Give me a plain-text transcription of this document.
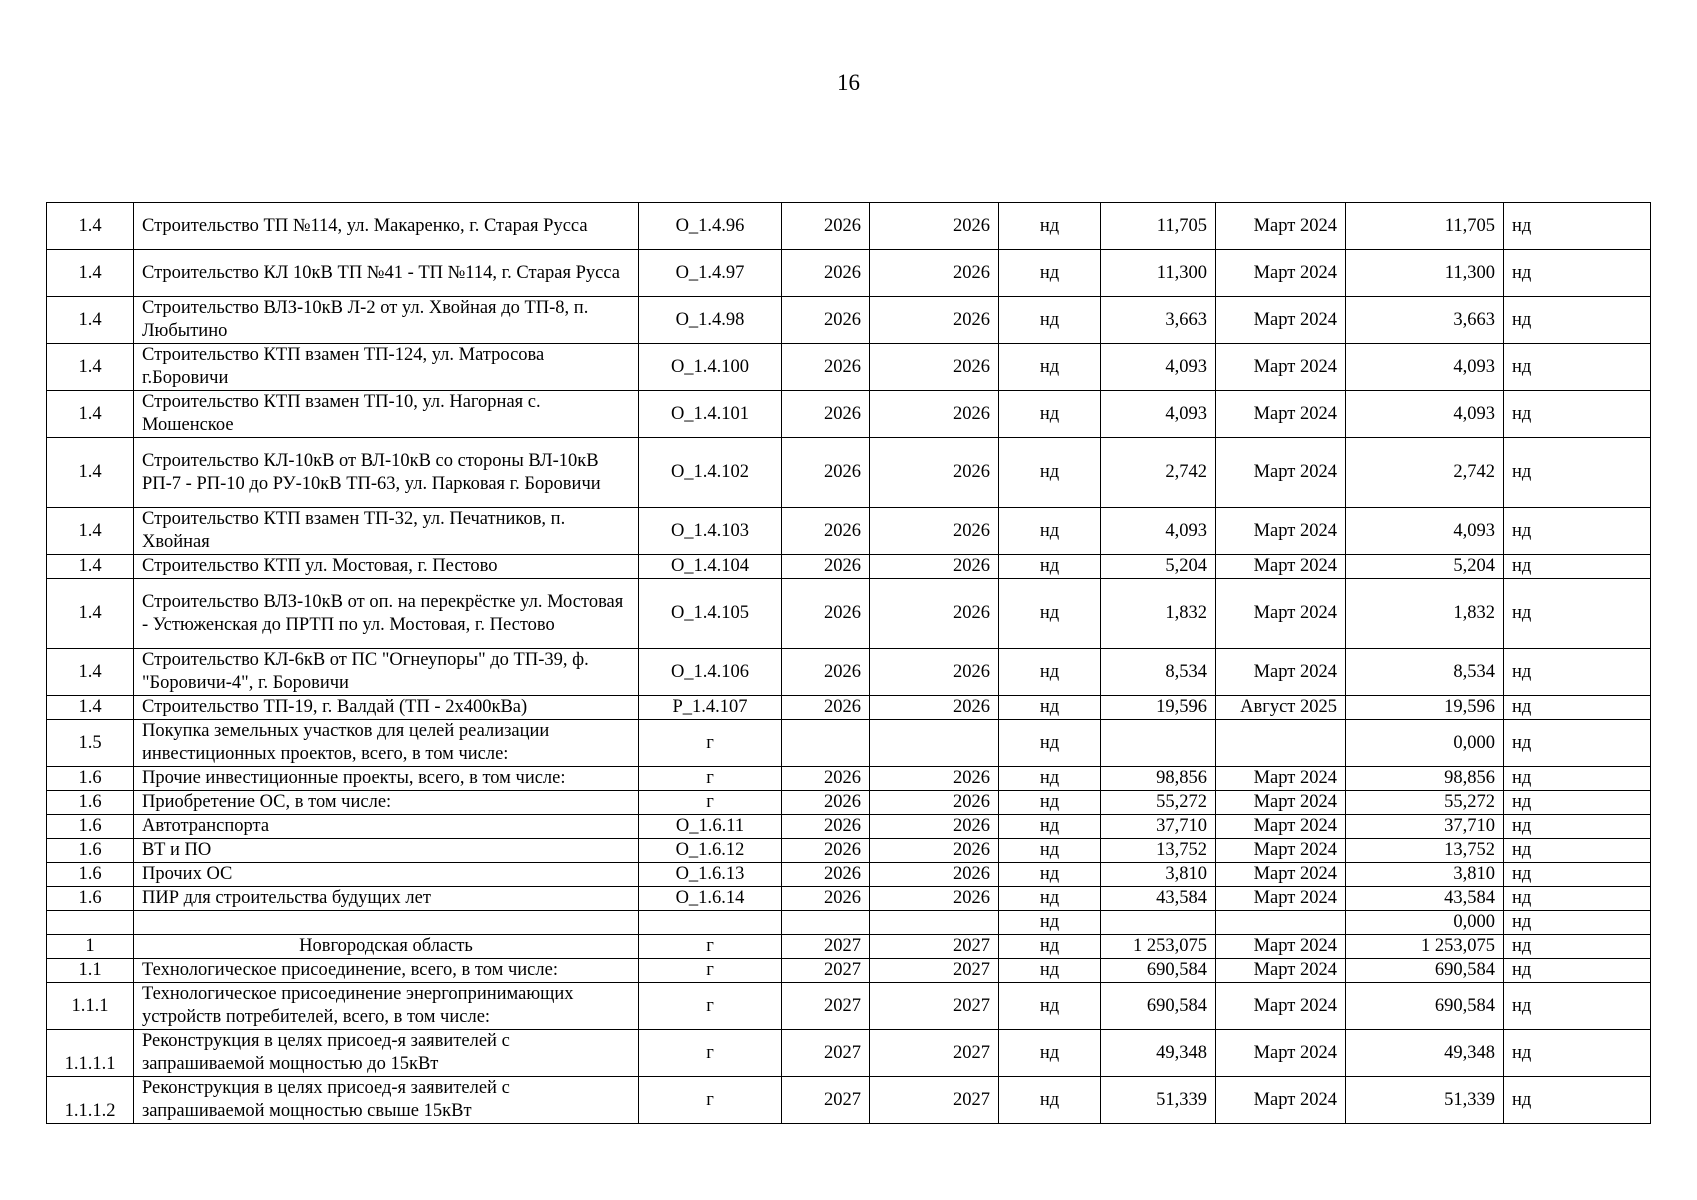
16
1.4	Строительство ТП №114, ул. Макаренко, г. Старая Русса	О_1.4.96	2026	2026	нд	11,705	Март 2024	11,705	нд
1.4	Строительство КЛ 10кВ ТП №41 - ТП №114, г. Старая Русса	О_1.4.97	2026	2026	нд	11,300	Март 2024	11,300	нд
1.4	Строительство ВЛЗ-10кВ Л-2 от ул. Хвойная до ТП-8, п. Любытино	О_1.4.98	2026	2026	нд	3,663	Март 2024	3,663	нд
1.4	Строительство КТП взамен ТП-124, ул. Матросова г.Боровичи	О_1.4.100	2026	2026	нд	4,093	Март 2024	4,093	нд
1.4	Строительство КТП взамен ТП-10, ул. Нагорная с. Мошенское	О_1.4.101	2026	2026	нд	4,093	Март 2024	4,093	нд
1.4	Строительство КЛ-10кВ от ВЛ-10кВ со стороны ВЛ-10кВ РП-7 - РП-10 до РУ-10кВ ТП-63, ул. Парковая г. Боровичи	О_1.4.102	2026	2026	нд	2,742	Март 2024	2,742	нд
1.4	Строительство КТП взамен ТП-32, ул. Печатников, п. Хвойная	О_1.4.103	2026	2026	нд	4,093	Март 2024	4,093	нд
1.4	Строительство КТП ул. Мостовая, г. Пестово	О_1.4.104	2026	2026	нд	5,204	Март 2024	5,204	нд
1.4	Строительство ВЛЗ-10кВ от оп. на перекрёстке ул. Мостовая - Устюженская до ПРТП по ул. Мостовая, г. Пестово	О_1.4.105	2026	2026	нд	1,832	Март 2024	1,832	нд
1.4	Строительство КЛ-6кВ от ПС "Огнеупоры" до ТП-39, ф. "Боровичи-4", г. Боровичи	О_1.4.106	2026	2026	нд	8,534	Март 2024	8,534	нд
1.4	Строительство ТП-19, г. Валдай (ТП - 2х400кВа)	Р_1.4.107	2026	2026	нд	19,596	Август 2025	19,596	нд
1.5	Покупка земельных участков для целей реализации инвестиционных проектов, всего, в том числе:	г			нд			0,000	нд
1.6	Прочие инвестиционные проекты, всего, в том числе:	г	2026	2026	нд	98,856	Март 2024	98,856	нд
1.6	Приобретение ОС, в том числе:	г	2026	2026	нд	55,272	Март 2024	55,272	нд
1.6	Автотранспорта	О_1.6.11	2026	2026	нд	37,710	Март 2024	37,710	нд
1.6	ВТ и ПО	О_1.6.12	2026	2026	нд	13,752	Март 2024	13,752	нд
1.6	Прочих ОС	О_1.6.13	2026	2026	нд	3,810	Март 2024	3,810	нд
1.6	ПИР для строительства будущих лет	О_1.6.14	2026	2026	нд	43,584	Март 2024	43,584	нд
					нд			0,000	нд
1	Новгородская область	г	2027	2027	нд	1 253,075	Март 2024	1 253,075	нд
1.1	Технологическое присоединение, всего, в том числе:	г	2027	2027	нд	690,584	Март 2024	690,584	нд
1.1.1	Технологическое присоединение энергопринимающих устройств потребителей, всего, в том числе:	г	2027	2027	нд	690,584	Март 2024	690,584	нд
1.1.1.1	Реконструкция в целях присоед-я заявителей с запрашиваемой мощностью до 15кВт	г	2027	2027	нд	49,348	Март 2024	49,348	нд
1.1.1.2	Реконструкция в целях присоед-я заявителей с запрашиваемой мощностью свыше 15кВт	г	2027	2027	нд	51,339	Март 2024	51,339	нд
